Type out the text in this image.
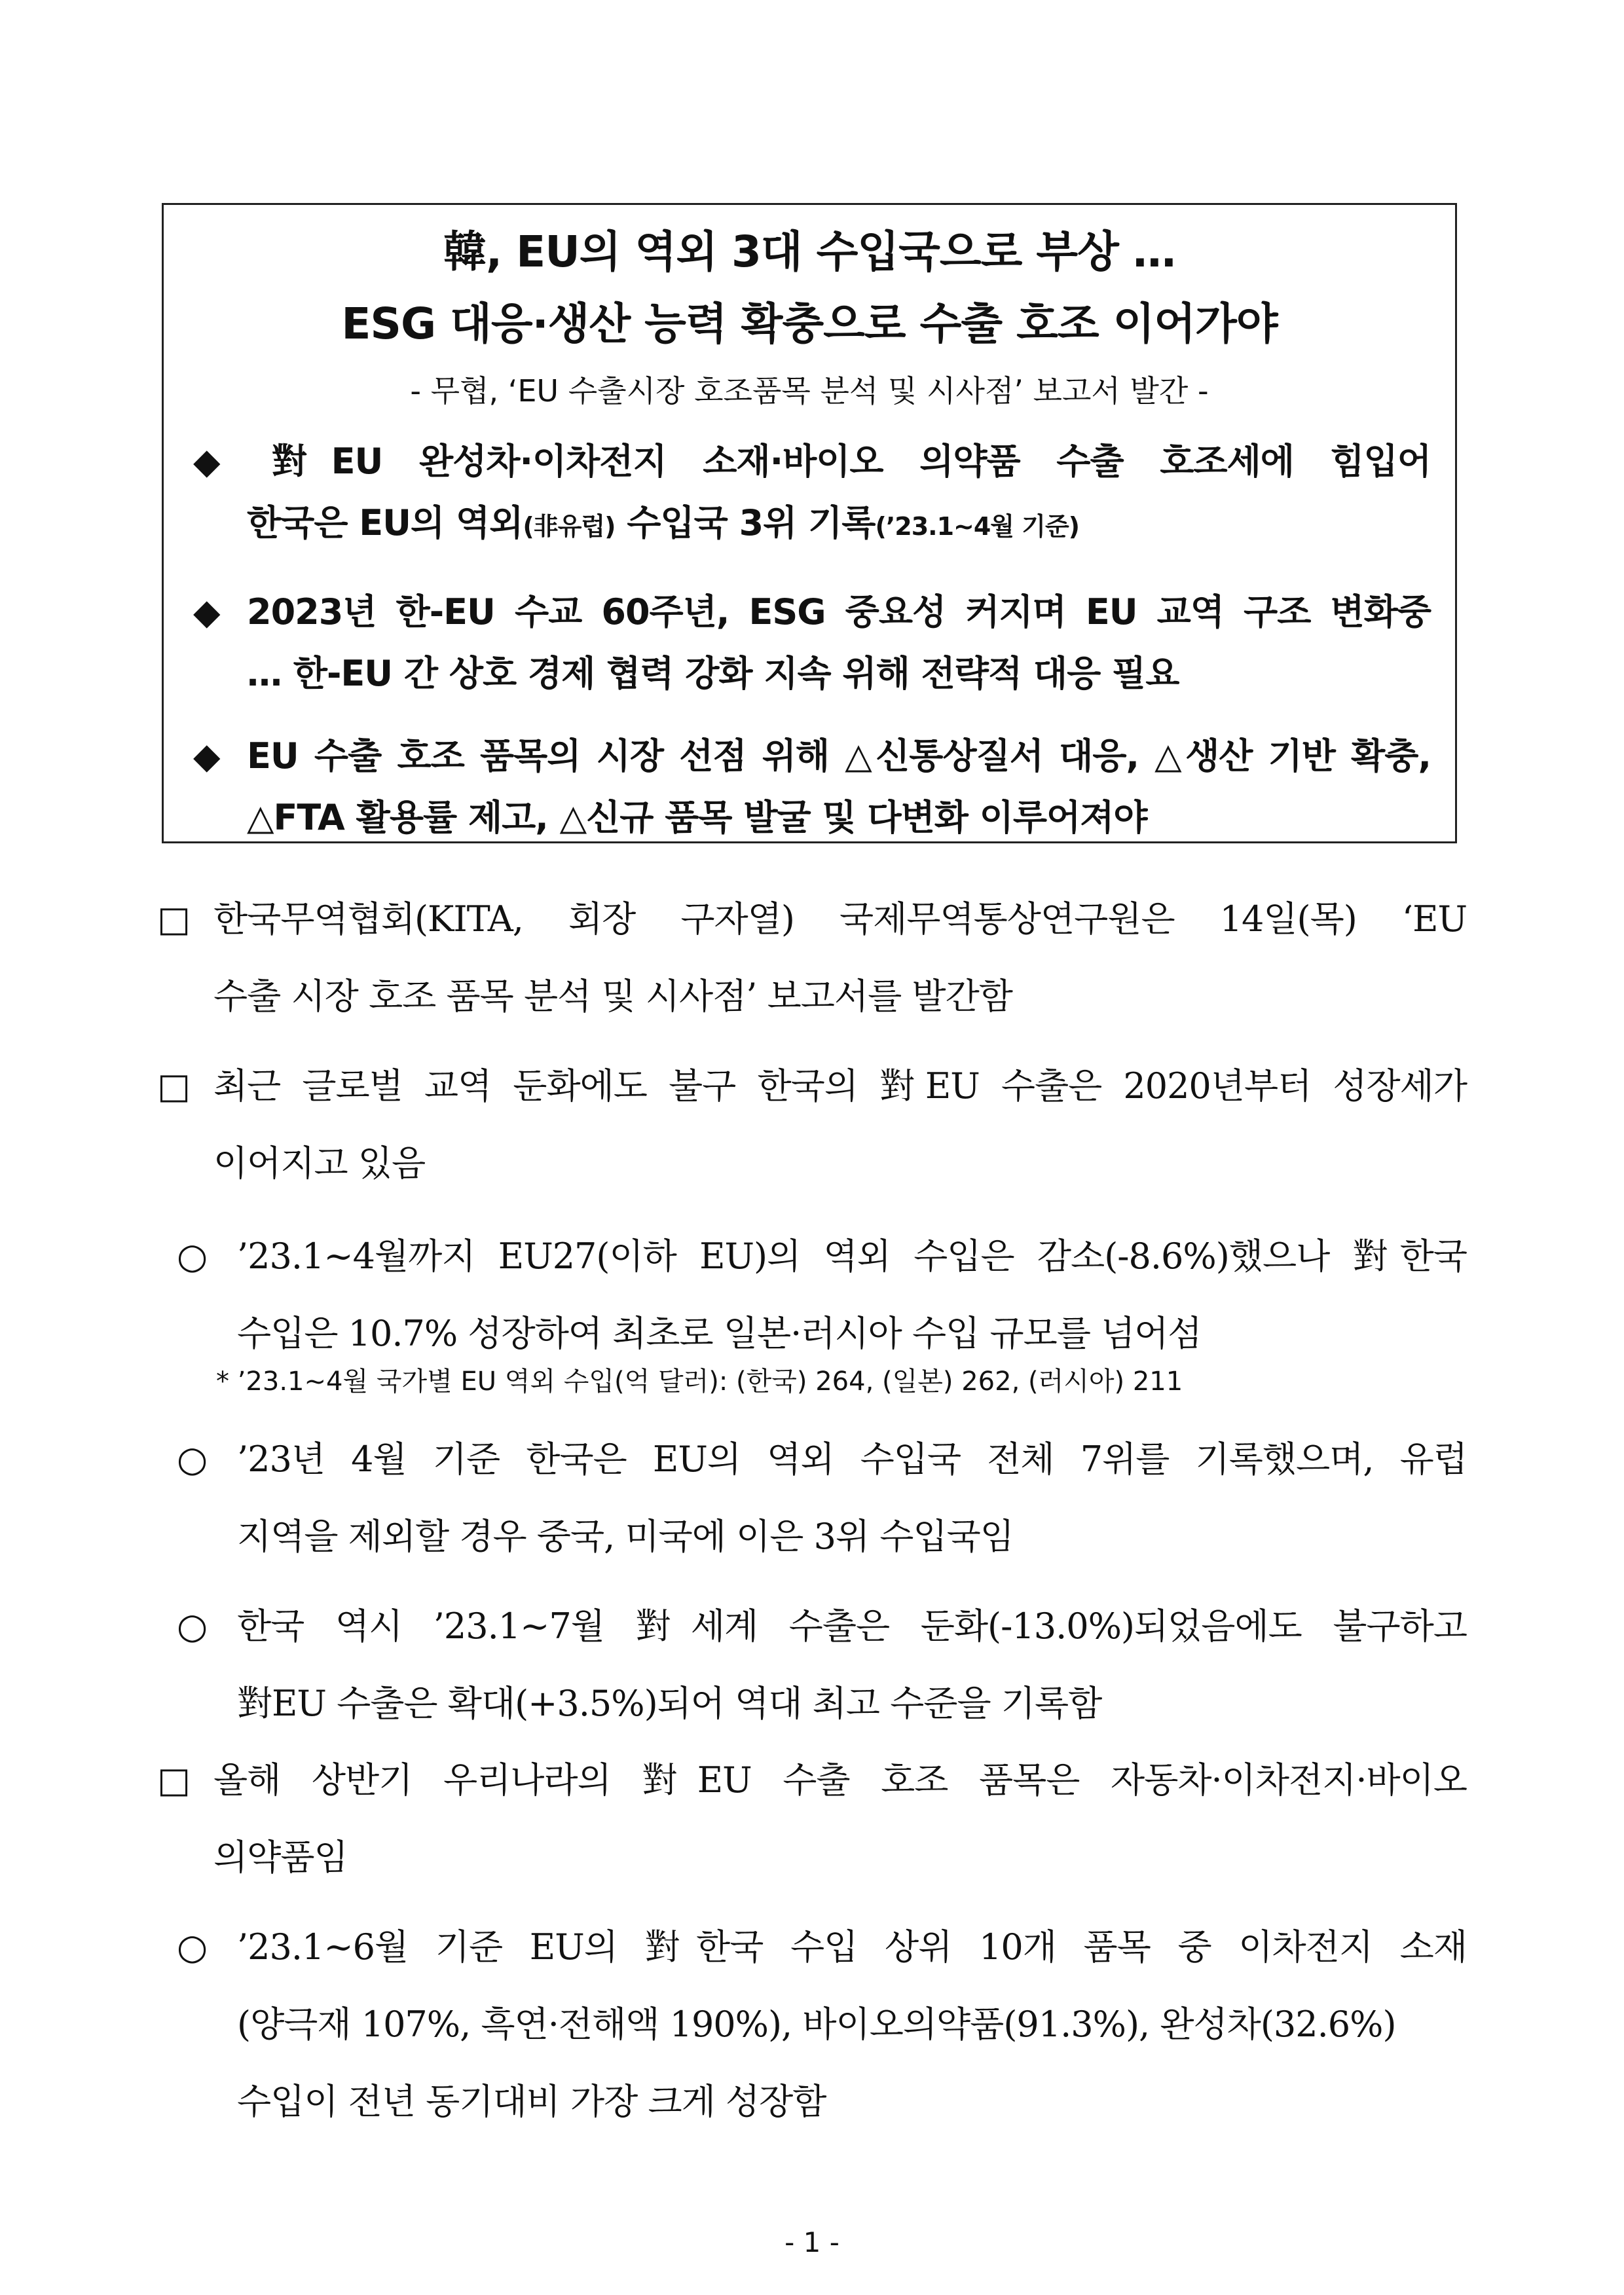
韓, EU의 역외 3대 수입국으로 부상 …
ESG 대응·생산 능력 확충으로 수출 호조 이어가야
- 무협, ‘EU 수출시장 호조품목 분석 및 시사점’ 보고서 발간 -
◆ 對EU 완성차·이차전지 소재·바이오 의약품 수출 호조세에 힘입어
한국은 EU의 역외(非유럽) 수입국 3위 기록(’23.1~4월 기준)
◆ 2023년 한-EU 수교 60주년, ESG 중요성 커지며 EU 교역 구조 변화중
… 한-EU 간 상호 경제 협력 강화 지속 위해 전략적 대응 필요
◆ EU 수출 호조 품목의 시장 선점 위해 △신통상질서 대응, △생산 기반 확충,
△FTA 활용률 제고, △신규 품목 발굴 및 다변화 이루어져야
□ 한국무역협회(KITA, 회장 구자열) 국제무역통상연구원은 14일(목) ‘EU
수출 시장 호조 품목 분석 및 시사점’ 보고서를 발간함
□ 최근 글로벌 교역 둔화에도 불구 한국의 對EU 수출은 2020년부터 성장세가
이어지고 있음
○ ’23.1~4월까지 EU27(이하 EU)의 역외 수입은 감소(-8.6%)했으나 對한국
수입은 10.7% 성장하여 최초로 일본·러시아 수입 규모를 넘어섬
* ’23.1~4월 국가별 EU 역외 수입(억 달러): (한국) 264, (일본) 262, (러시아) 211
○ ’23년 4월 기준 한국은 EU의 역외 수입국 전체 7위를 기록했으며, 유럽
지역을 제외할 경우 중국, 미국에 이은 3위 수입국임
○ 한국 역시 ’23.1~7월 對세계 수출은 둔화(-13.0%)되었음에도 불구하고
對EU 수출은 확대(+3.5%)되어 역대 최고 수준을 기록함
□ 올해 상반기 우리나라의 對EU 수출 호조 품목은 자동차·이차전지·바이오
의약품임
○ ’23.1~6월 기준 EU의 對한국 수입 상위 10개 품목 중 이차전지 소재
(양극재 107%, 흑연·전해액 190%), 바이오의약품(91.3%), 완성차(32.6%)
수입이 전년 동기대비 가장 크게 성장함
- 1 -
